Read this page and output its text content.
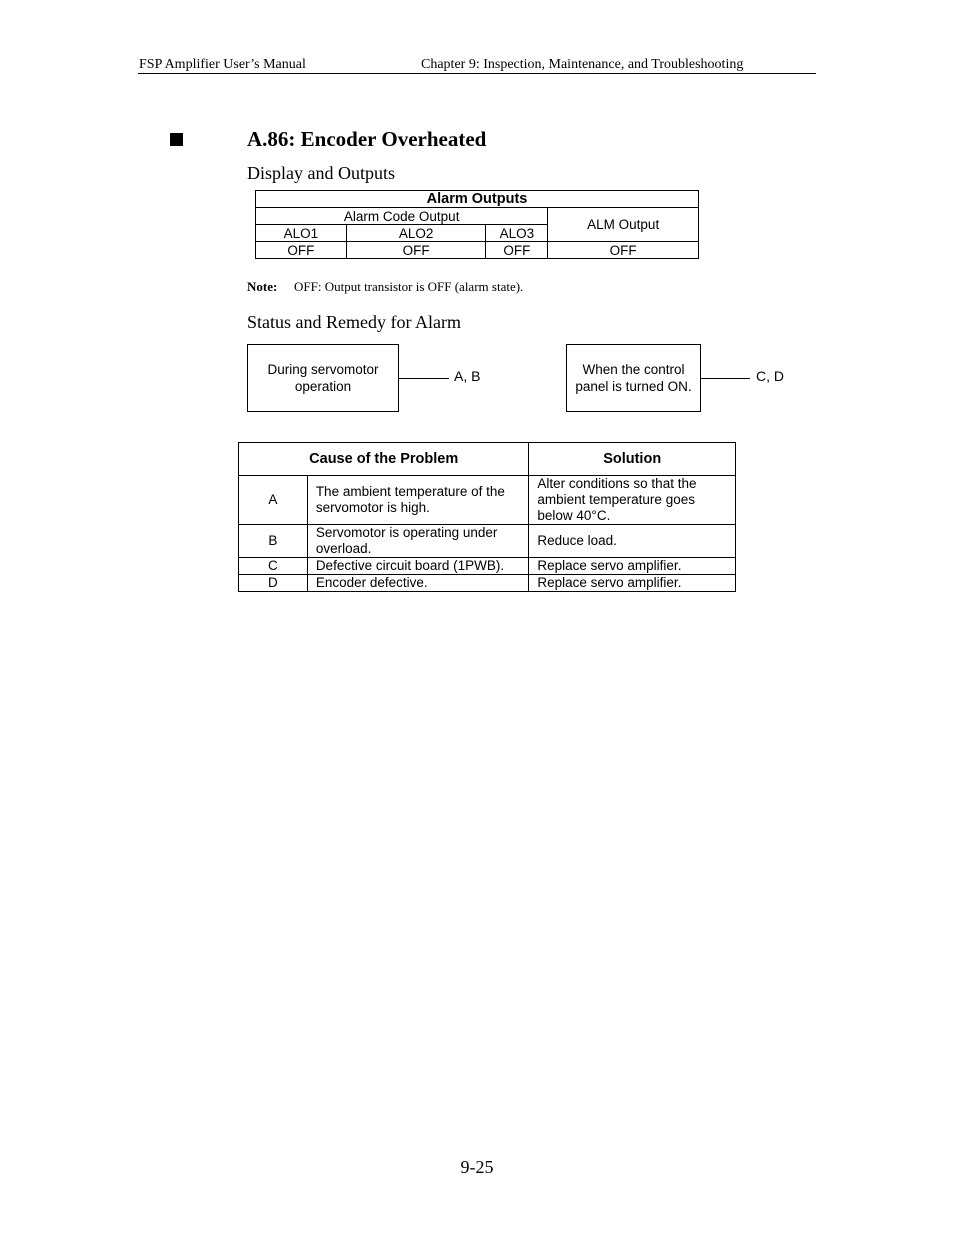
FSP Amplifier User’s Manual	Chapter 9: Inspection, Maintenance, and Troubleshooting
A.86: Encoder Overheated
Display and Outputs
Alarm Outputs			
Alarm Code Output			ALM Output
ALO1	ALO2	ALO3	
OFF	OFF	OFF	OFF
Note: OFF: Output transistor is OFF (alarm state).
Status and Remedy for Alarm
During servomotor operation
A, B	When the control panel is turned ON.
C, D
Cause of the Problem		Solution
A	The ambient temperature of the servomotor is high.	Alter conditions so that the ambient temperature goes below 40°C.
B	Servomotor is operating under overload.	Reduce load.
C	Defective circuit board (1PWB).	Replace servo amplifier.
D	Encoder defective.	Replace servo amplifier.
9-25
